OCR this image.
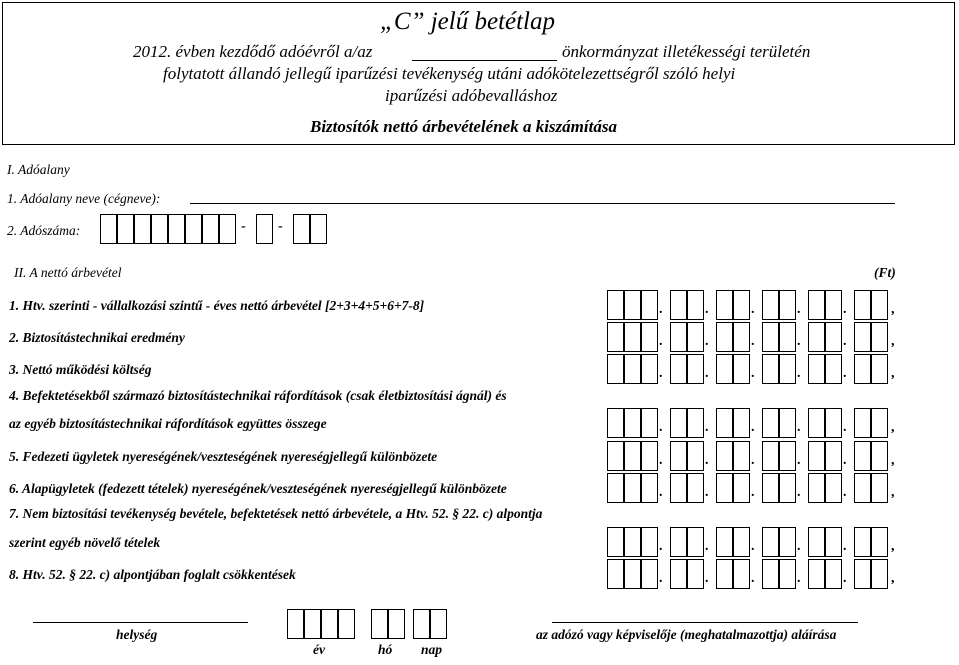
„C” jelű betétlap
2012. évben kezdődő adóévről a/az	önkormányzat illetékességi területén
folytatott állandó jellegű iparűzési tevékenység utáni adókötelezettségről szóló helyi
iparűzési adóbevalláshoz
Biztosítók nettó árbevételének a kiszámítása
I. Adóalany
1. Adóalany neve (cégneve):
2. Adószáma:	- -
II. A nettó árbevétel	(Ft)
1. Htv. szerinti - vállalkozási szintű - éves nettó árbevétel [2+3+4+5+6+7-8]	.	.	.	.	.	,
2. Biztosítástechnikai eredmény	.	.	.	.	.	,
3. Nettó működési költség	.	.	.	.	.	,
4. Befektetésekből származó biztosítástechnikai ráfordítások (csak életbiztosítási ágnál) és
az egyéb biztosítástechnikai ráfordítások együttes összege	.	.	.	.	.	,
5. Fedezeti ügyletek nyereségének/veszteségének nyereségjellegű különbözete	.	.	.	.	.	,
6. Alapügyletek (fedezett tételek) nyereségének/veszteségének nyereségjellegű különbözete	.	.	.	.	.	,
7. Nem biztosítási tevékenység bevétele, befektetések nettó árbevétele, a Htv. 52. § 22. c) alpontja
szerint egyéb növelő tételek	.	.	.	.	.	,
8. Htv. 52. § 22. c) alpontjában foglalt csökkentések	.	.	.	.	.	,
helység
év	hó nap
az adózó vagy képviselője (meghatalmazottja) aláírása
